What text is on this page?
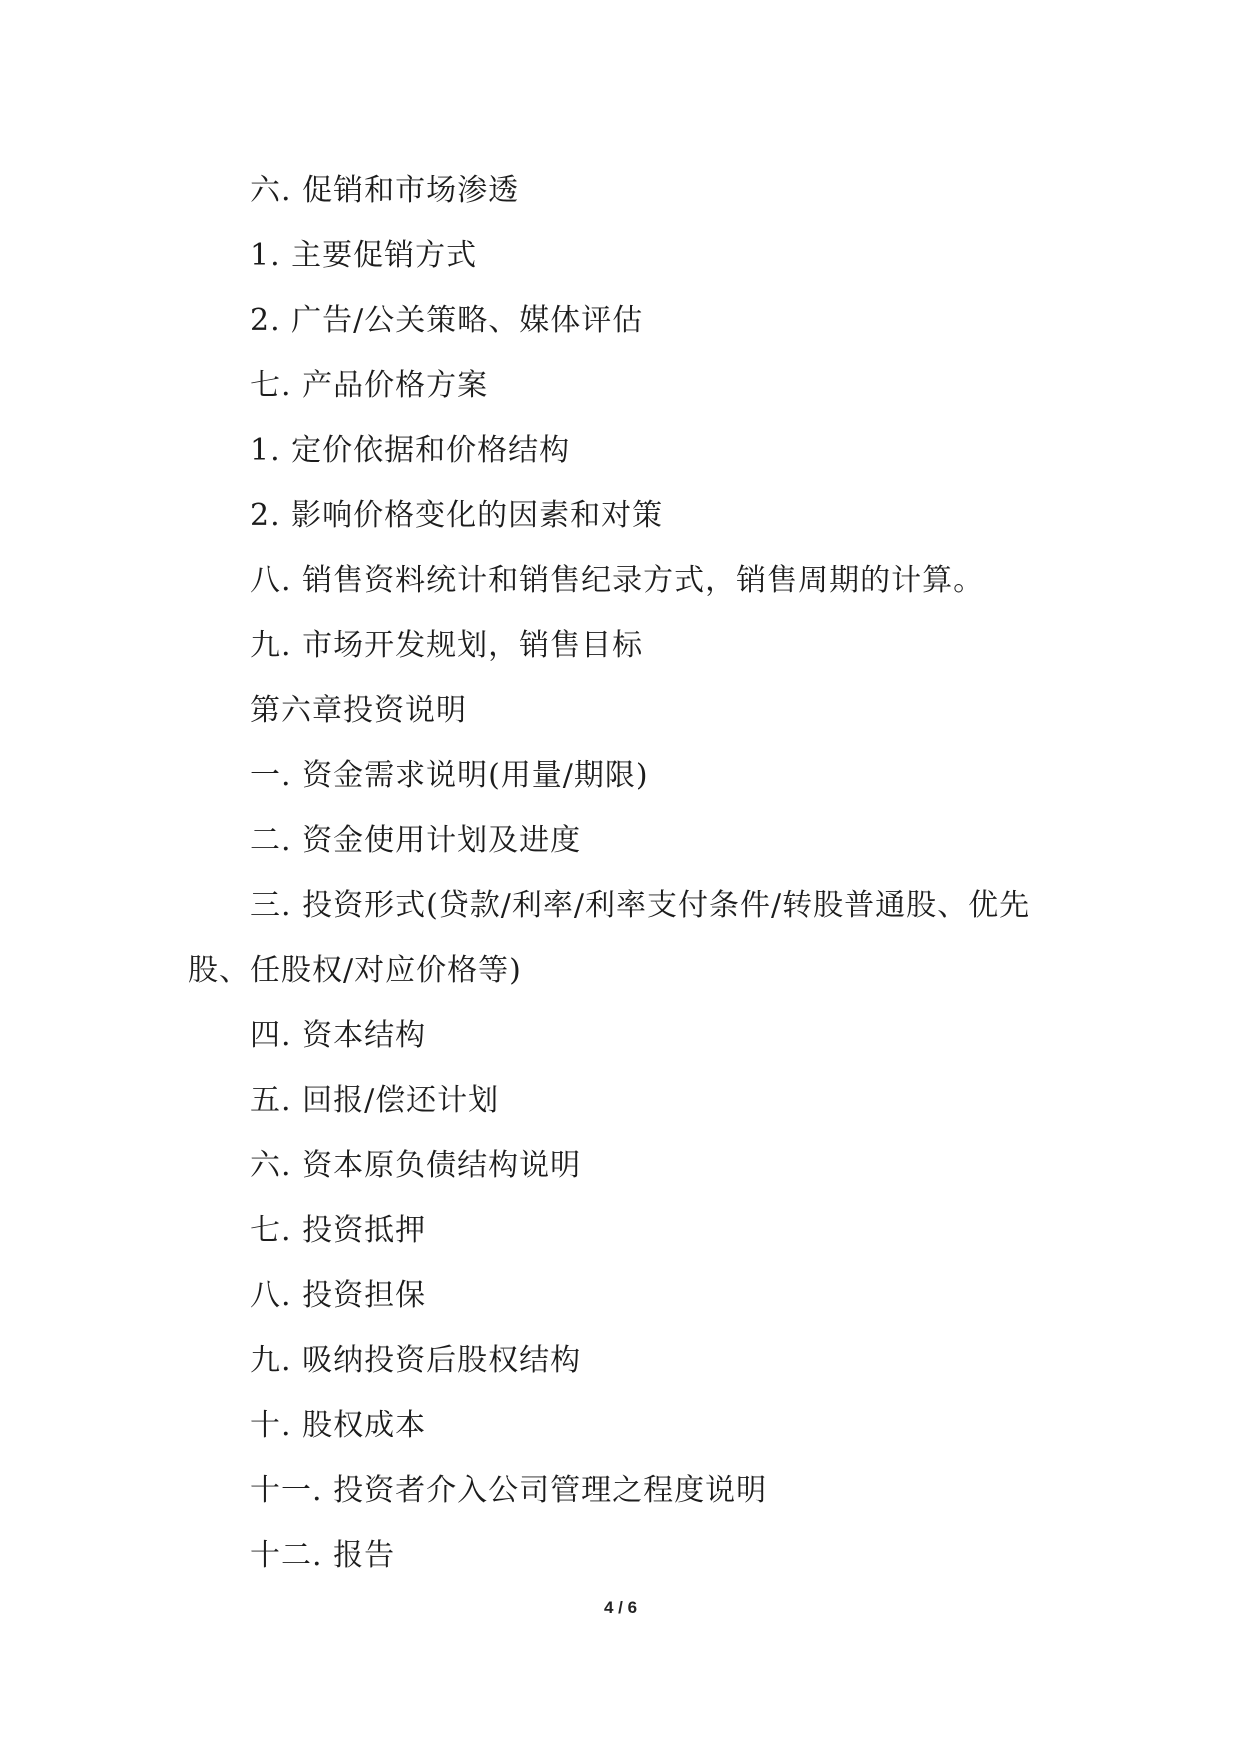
六. 促销和市场渗透

1. 主要促销方式

2. 广告/公关策略、媒体评估

七. 产品价格方案

1. 定价依据和价格结构

2. 影响价格变化的因素和对策

八. 销售资料统计和销售纪录方式，销售周期的计算。

九. 市场开发规划，销售目标

第六章投资说明

一. 资金需求说明(用量/期限)

二. 资金使用计划及进度

三. 投资形式(贷款/利率/利率支付条件/转股普通股、优先股、任股权/对应价格等)

四. 资本结构

五. 回报/偿还计划

六. 资本原负债结构说明

七. 投资抵押

八. 投资担保

九. 吸纳投资后股权结构

十. 股权成本

十一. 投资者介入公司管理之程度说明

十二. 报告

4 / 6
